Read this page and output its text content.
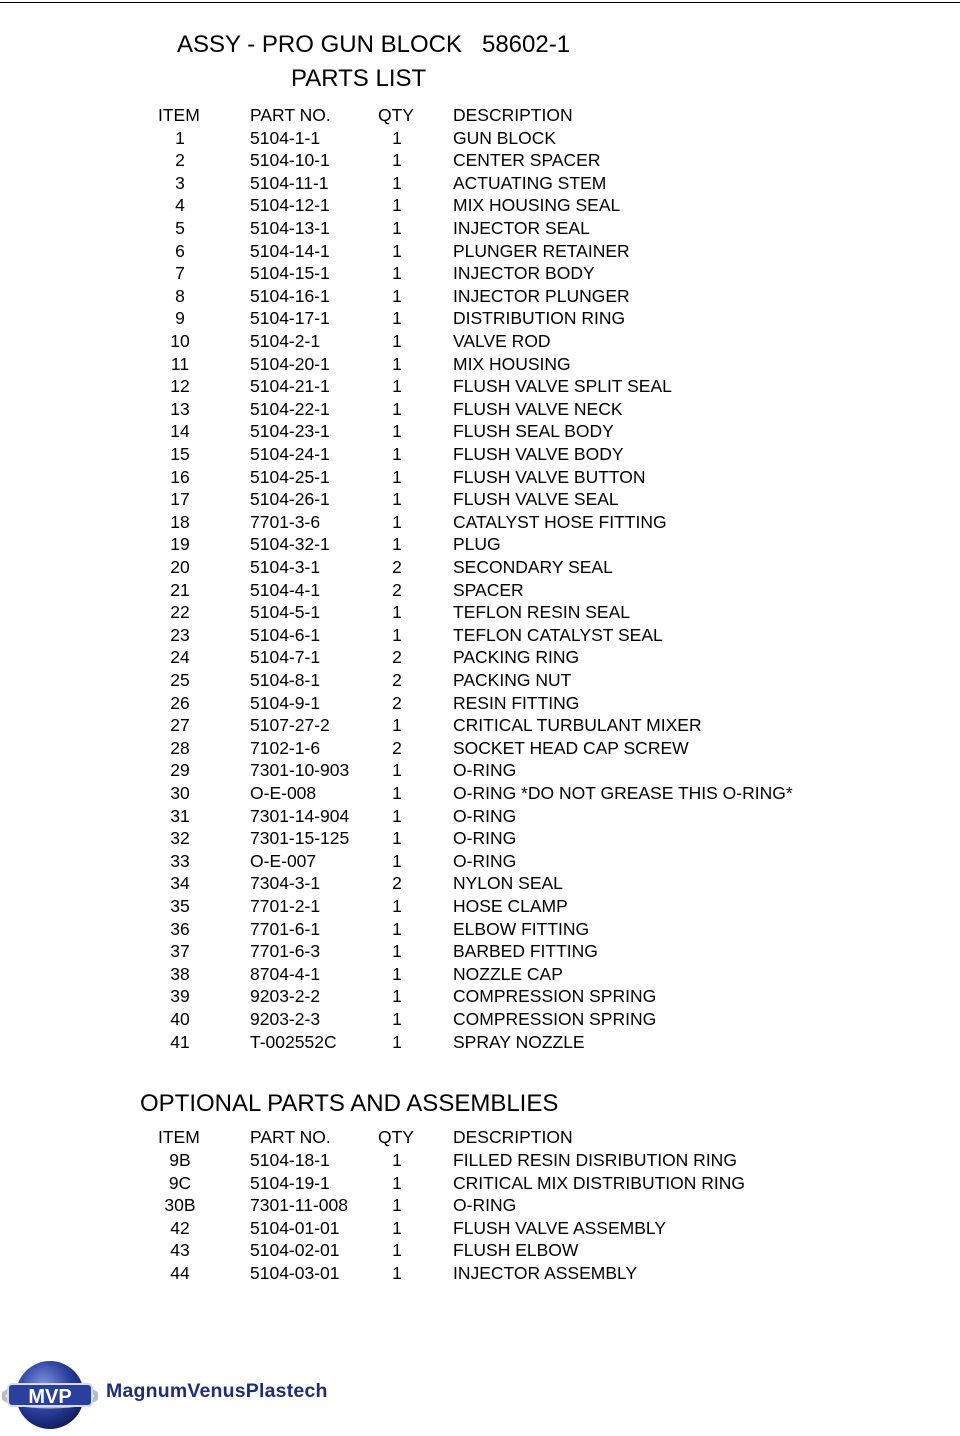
ASSY - PRO GUN BLOCK   58602-1
PARTS LIST
ITEM	PART NO.	QTY DESCRIPTION
1	5104-1-1	1	GUN BLOCK
2	5104-10-1	1	CENTER SPACER
3	5104-11-1	1	ACTUATING STEM
4	5104-12-1	1	MIX HOUSING SEAL
5	5104-13-1	1	INJECTOR SEAL
6	5104-14-1	1	PLUNGER RETAINER
7	5104-15-1	1	INJECTOR BODY
8	5104-16-1	1	INJECTOR PLUNGER
9	5104-17-1	1	DISTRIBUTION RING
10	5104-2-1	1	VALVE ROD
11	5104-20-1	1	MIX HOUSING
12	5104-21-1	1	FLUSH VALVE SPLIT SEAL
13	5104-22-1	1	FLUSH VALVE NECK
14	5104-23-1	1	FLUSH SEAL BODY
15	5104-24-1	1	FLUSH VALVE BODY
16	5104-25-1	1	FLUSH VALVE BUTTON
17	5104-26-1	1	FLUSH VALVE SEAL
18	7701-3-6	1	CATALYST HOSE FITTING
19	5104-32-1	1	PLUG
20	5104-3-1	2	SECONDARY SEAL
21	5104-4-1	2	SPACER
22	5104-5-1	1	TEFLON RESIN SEAL
23	5104-6-1	1	TEFLON CATALYST SEAL
24	5104-7-1	2	PACKING RING
25	5104-8-1	2	PACKING NUT
26	5104-9-1	2	RESIN FITTING
27	5107-27-2	1	CRITICAL TURBULANT MIXER
28	7102-1-6	2	SOCKET HEAD CAP SCREW
29	7301-10-903	1	O-RING
30	O-E-008	1	O-RING *DO NOT GREASE THIS O-RING*
31	7301-14-904	1	O-RING
32	7301-15-125	1	O-RING
33	O-E-007	1	O-RING
34	7304-3-1	2	NYLON SEAL
35	7701-2-1	1	HOSE CLAMP
36	7701-6-1	1	ELBOW FITTING
37	7701-6-3	1	BARBED FITTING
38	8704-4-1	1	NOZZLE CAP
39	9203-2-2	1	COMPRESSION SPRING
40	9203-2-3	1	COMPRESSION SPRING
41	T-002552C	1	SPRAY NOZZLE
OPTIONAL PARTS AND ASSEMBLIES
ITEM	PART NO.	QTY DESCRIPTION
9B	5104-18-1	1	FILLED RESIN DISRIBUTION RING
9C	5104-19-1	1	CRITICAL MIX DISTRIBUTION RING
30B	7301-11-008	1	O-RING
42	5104-01-01	1	FLUSH VALVE ASSEMBLY
43	5104-02-01	1	FLUSH ELBOW
44	5104-03-01	1	INJECTOR ASSEMBLY
MVP MagnumVenusPlastech
